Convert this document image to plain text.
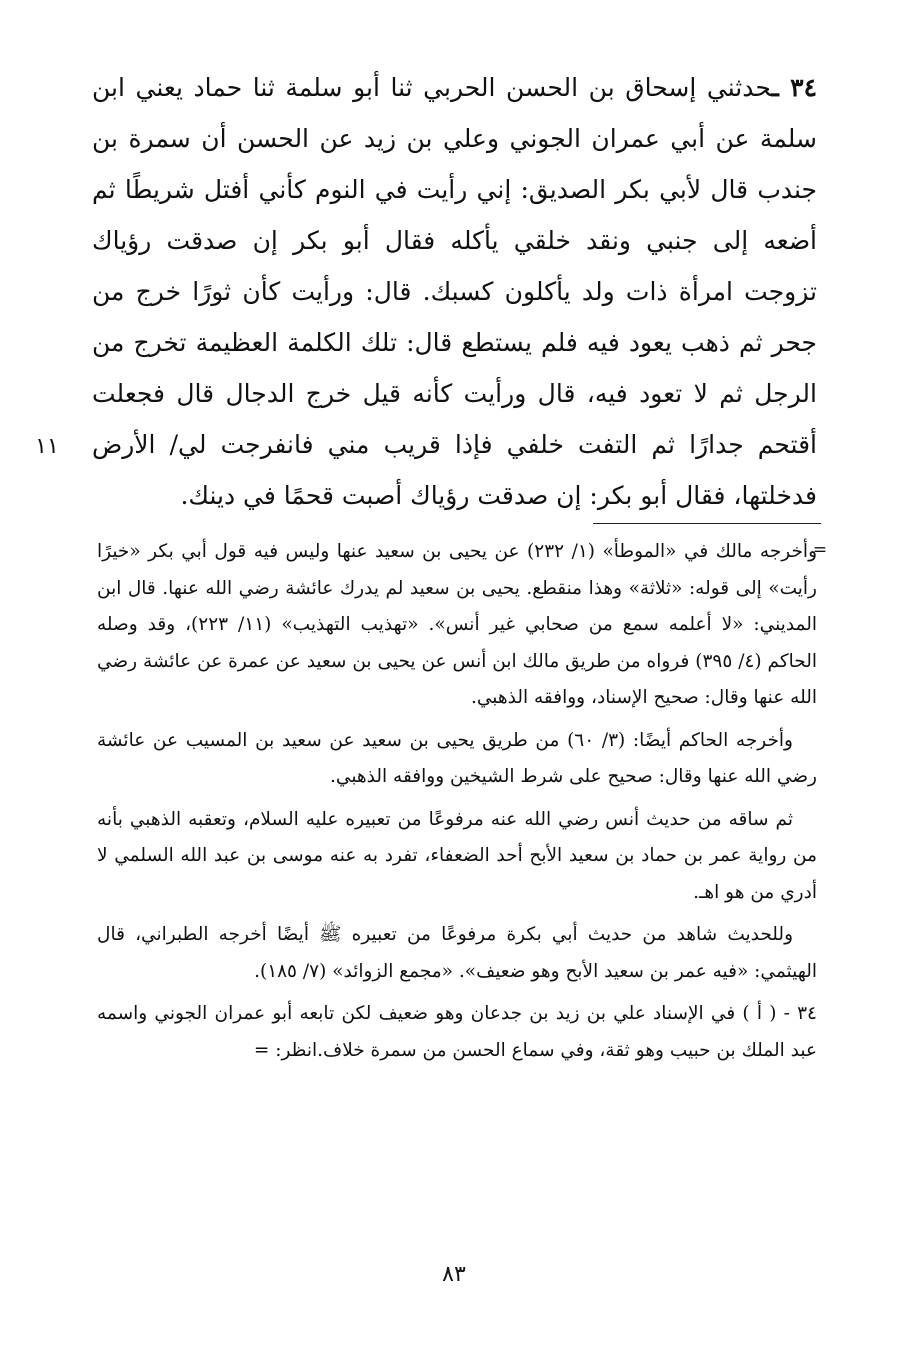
٣٤ ـحدثني إسحاق بن الحسن الحربي ثنا أبو سلمة ثنا حماد يعني ابن سلمة عن أبي عمران الجوني وعلي بن زيد عن الحسن أن سمرة بن جندب قال لأبي بكر الصديق: إني رأيت في النوم كأني أفتل شريطًا ثم أضعه إلى جنبي ونقد خلقي يأكله فقال أبو بكر إن صدقت رؤياك تزوجت امرأة ذات ولد يأكلون كسبك. قال: ورأيت كأن ثورًا خرج من جحر ثم ذهب يعود فيه فلم يستطع قال: تلك الكلمة العظيمة تخرج من الرجل ثم لا تعود فيه، قال ورأيت كأنه قيل خرج الدجال قال فجعلت أقتحم جدارًا ثم التفت خلفي فإذا قريب مني فانفرجت لي/ الأرض فدخلتها، فقال أبو بكر: إن صدقت رؤياك أصبت قحمًا في دينك.

١١
=

وأخرجه مالك في «الموطأ» (١/ ٢٣٢) عن يحيى بن سعيد عنها وليس فيه قول أبي بكر «خيرًا رأيت» إلى قوله: «ثلاثة» وهذا منقطع. يحيى بن سعيد لم يدرك عائشة رضي الله عنها. قال ابن المديني: «لا أعلمه سمع من صحابي غير أنس». «تهذيب التهذيب» (١١/ ٢٢٣)، وقد وصله الحاكم (٤/ ٣٩٥) فرواه من طريق مالك ابن أنس عن يحيى بن سعيد عن عمرة عن عائشة رضي الله عنها وقال: صحيح الإسناد، ووافقه الذهبي.

وأخرجه الحاكم أيضًا: (٣/ ٦٠) من طريق يحيى بن سعيد عن سعيد بن المسيب عن عائشة رضي الله عنها وقال: صحيح على شرط الشيخين ووافقه الذهبي.

ثم ساقه من حديث أنس رضي الله عنه مرفوعًا من تعبيره عليه السلام، وتعقبه الذهبي بأنه من رواية عمر بن حماد بن سعيد الأبح أحد الضعفاء، تفرد به عنه موسى بن عبد الله السلمي لا أدري من هو اهـ.

وللحديث شاهد من حديث أبي بكرة مرفوعًا من تعبيره ﷺ أيضًا أخرجه الطبراني، قال الهيثمي: «فيه عمر بن سعيد الأبح وهو ضعيف». «مجمع الزوائد» (٧/ ١٨٥).

٣٤ - ( أ ) في الإسناد علي بن زيد بن جدعان وهو ضعيف لكن تابعه أبو عمران الجوني واسمه عبد الملك بن حبيب وهو ثقة، وفي سماع الحسن من سمرة خلاف.انظر: =

٨٣
